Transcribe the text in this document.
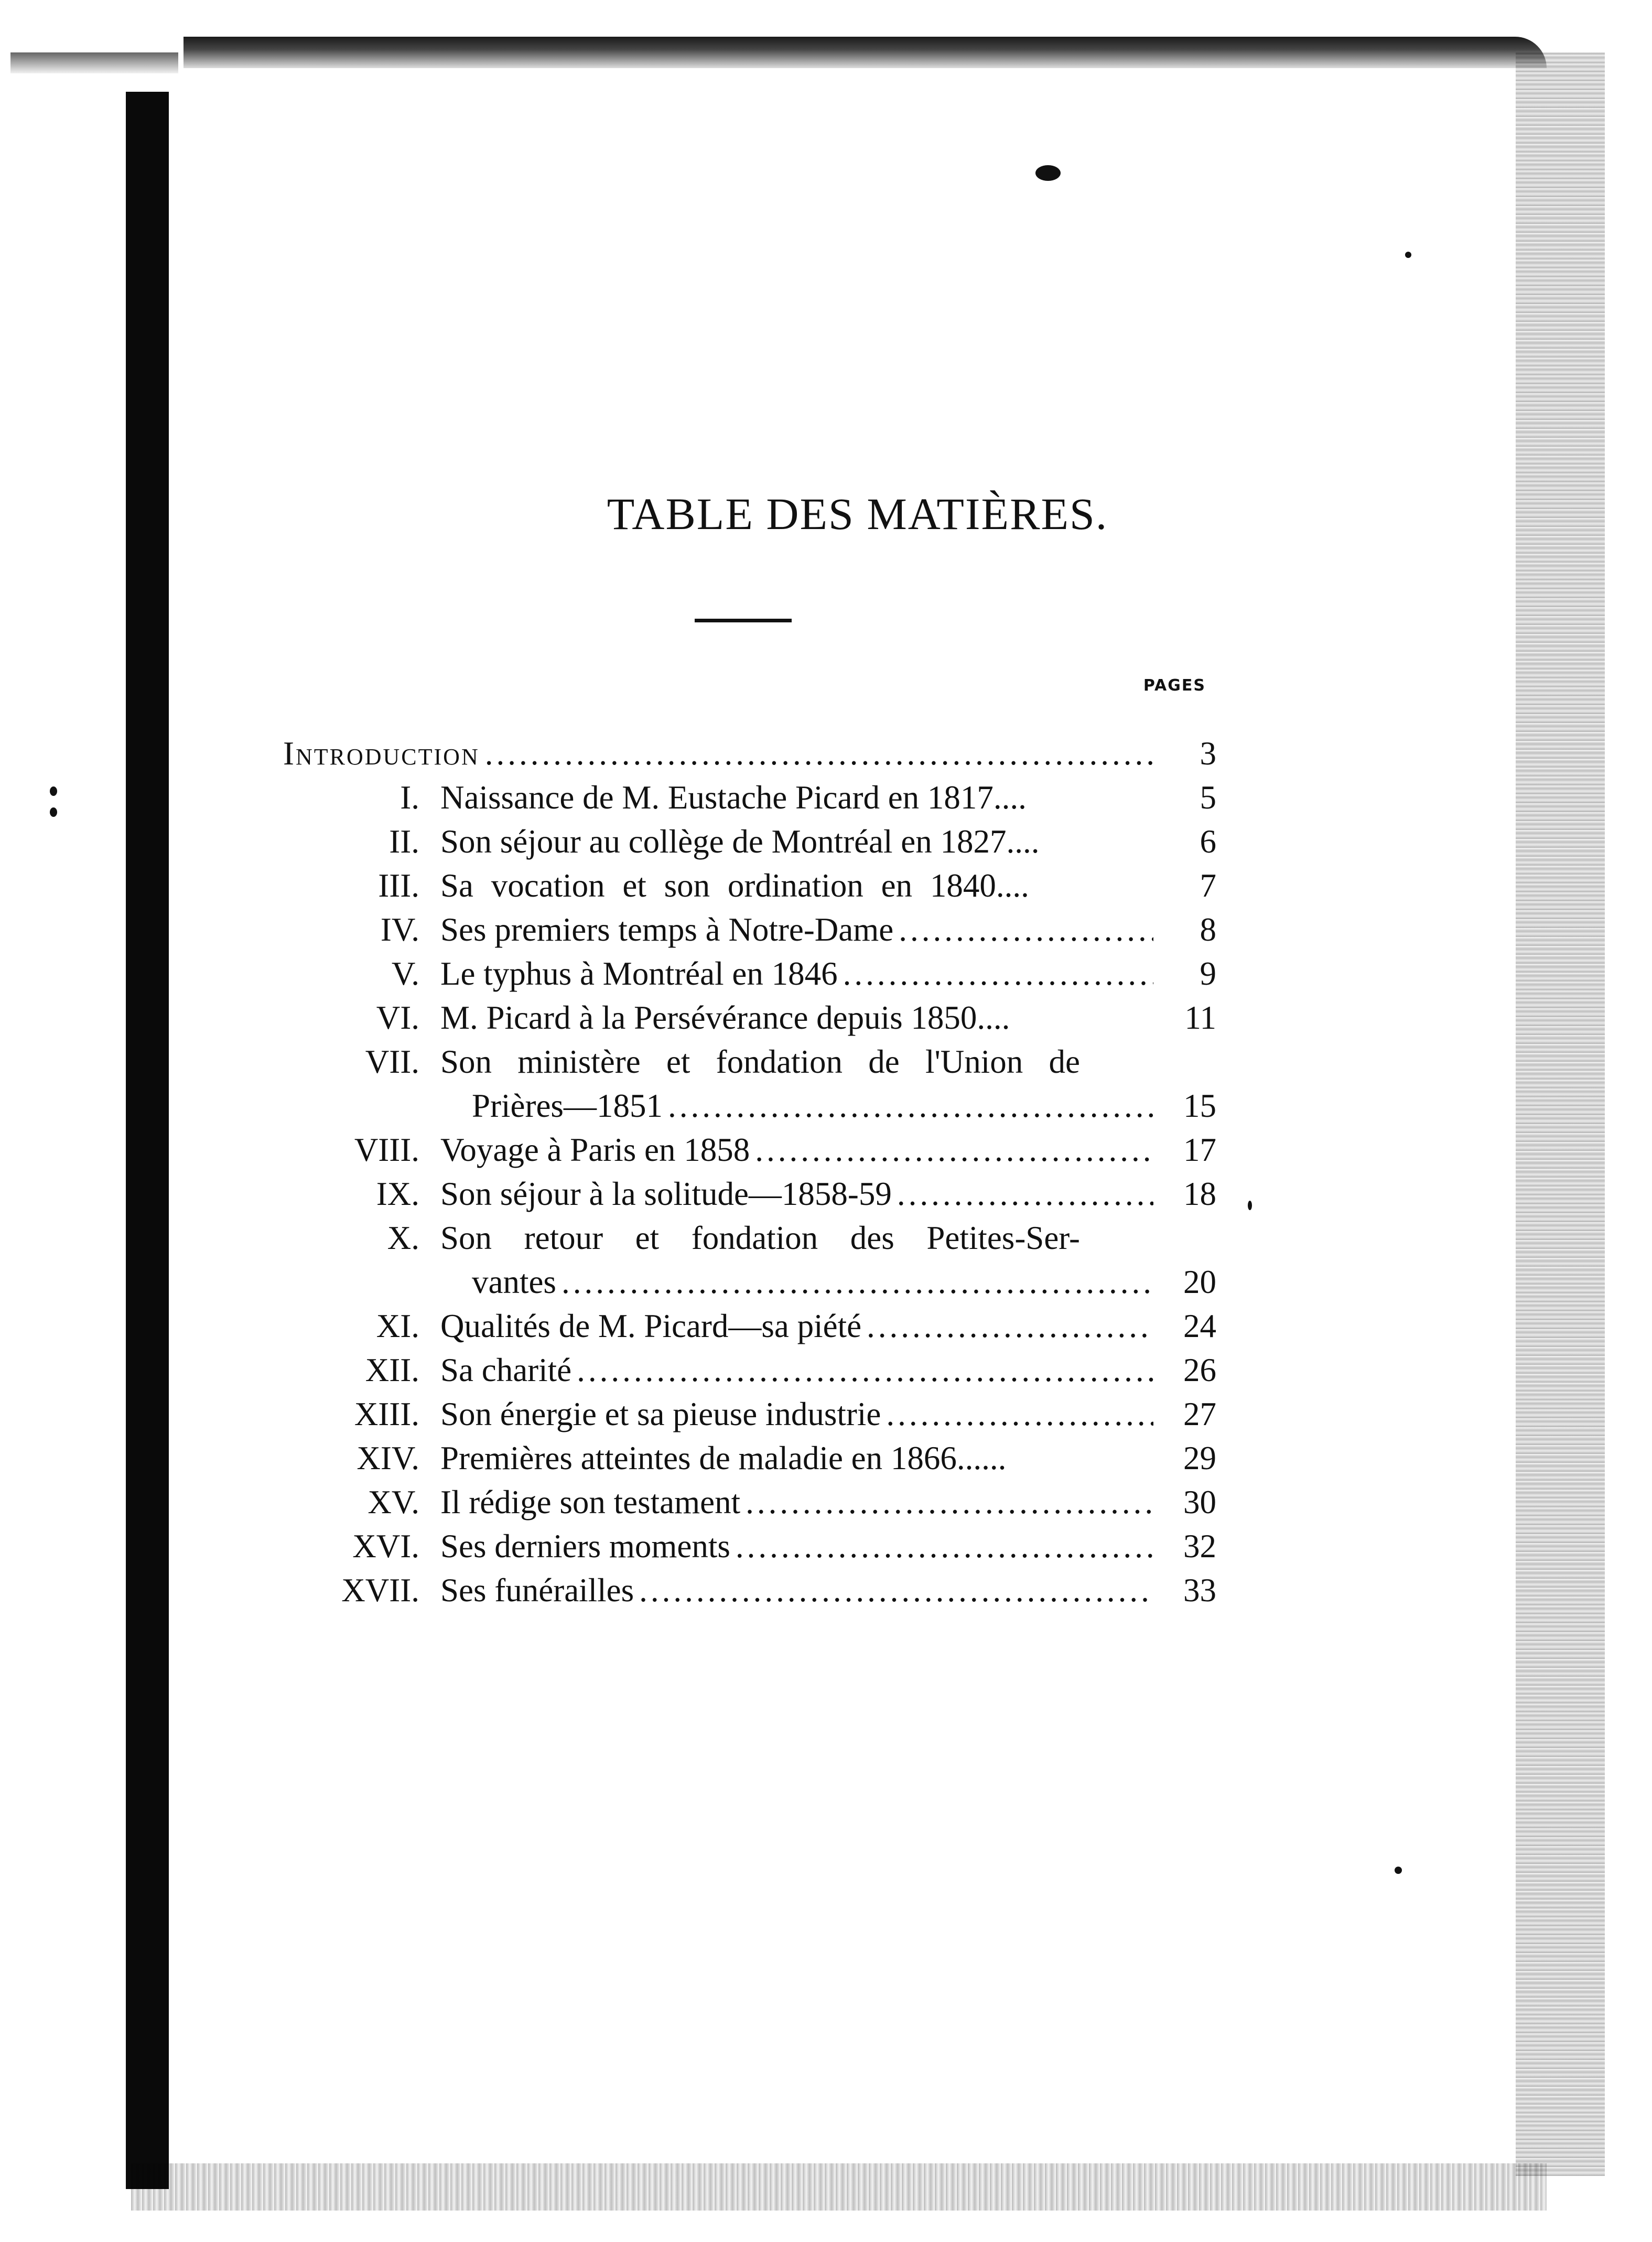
TABLE DES MATIÈRES.
PAGES
Introduction .....	3
I. Naissance de M. Eustache Picard en 1817....	5
II. Son séjour au collège de Montréal en 1827....	6
III. Sa vocation et son ordination en 1840....	7
IV. Ses premiers temps à Notre-Dame .....	8
V. Le typhus à Montréal en 1846 .....	9
VI. M. Picard à la Persévérance depuis 1850....	11
VII. Son ministère et fondation de l'Union de
Prières—1851 .....	15
VIII. Voyage à Paris en 1858 .....	17
IX. Son séjour à la solitude—1858-59 .....	18
X. Son retour et fondation des Petites-Ser-
vantes .....	20
XI. Qualités de M. Picard—sa piété .....	24
XII. Sa charité .....	26
XIII. Son énergie et sa pieuse industrie .....	27
XIV. Premières atteintes de maladie en 1866......	29
XV. Il rédige son testament .....	30
XVI. Ses derniers moments .....	32
XVII. Ses funérailles .....	33
